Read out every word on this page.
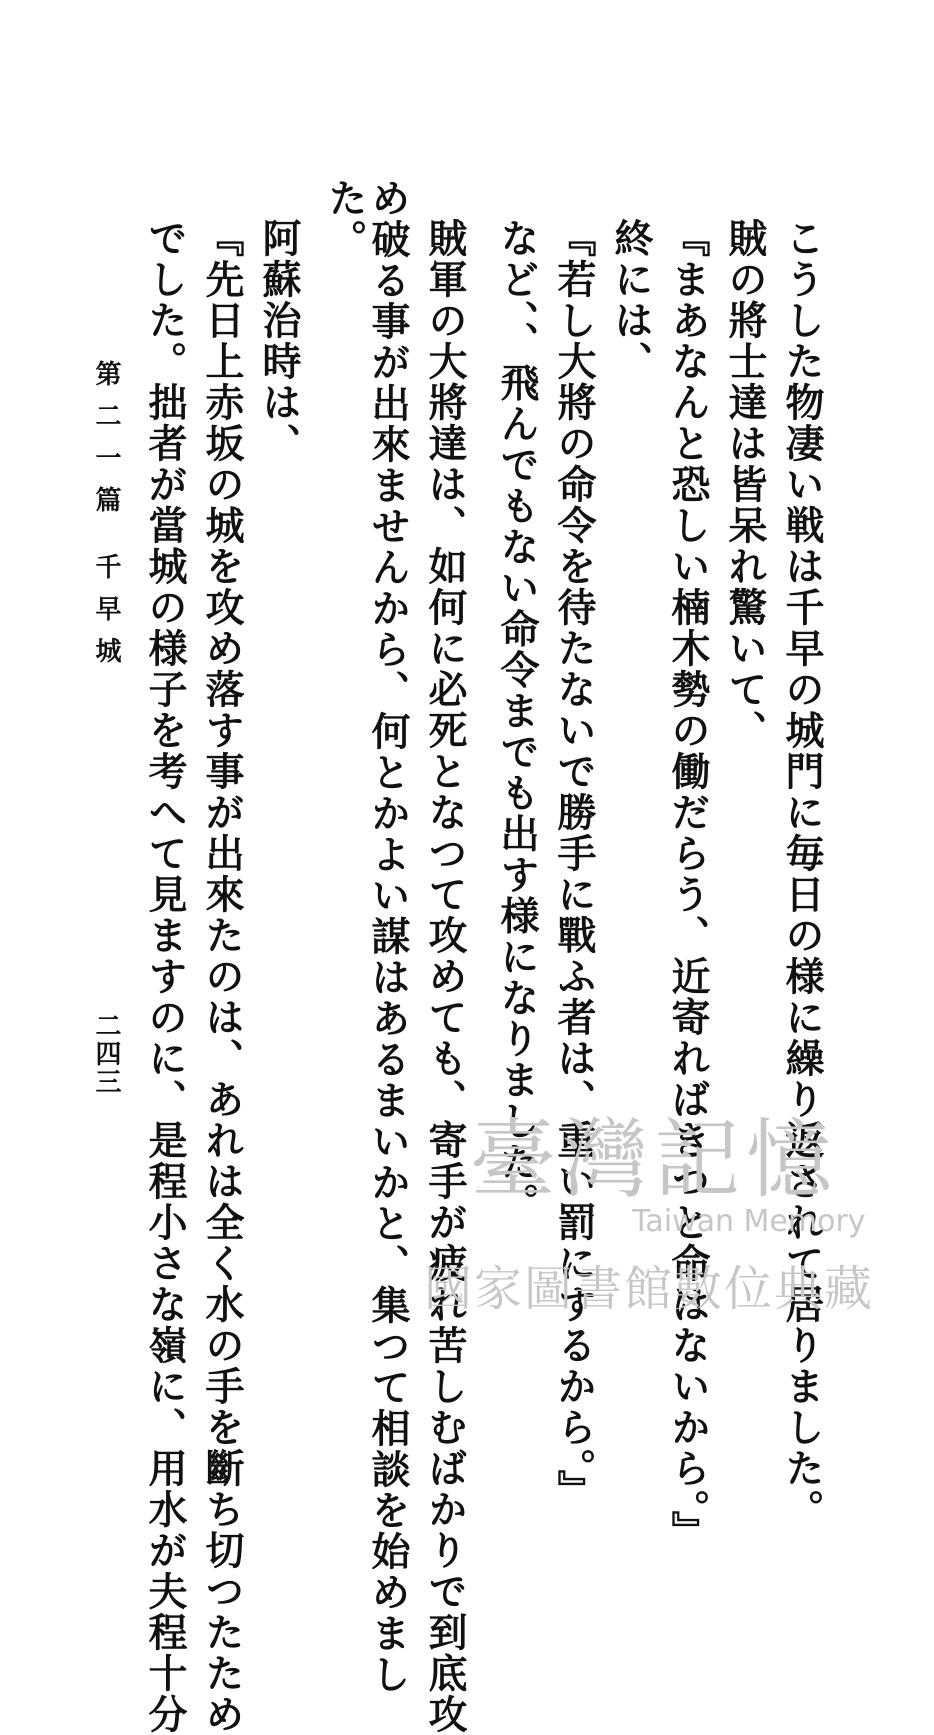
こうした物凄い戦は千早の城門に毎日の様に繰り返されて居りました。
賊の將士達は皆呆れ驚いて、
『まあなんと恐しい楠木勢の働だらう、近寄ればきつと命はないから。』
終には、
『若し大將の命令を待たないで勝手に戰ふ者は、重い罰にするから。』
など、、飛んでもない命令までも出す様になりました。
賊軍の大將達は、如何に必死となつて攻めても、寄手が疲れ苦しむばかりで到底攻
め破る事が出來ませんから、何とかよい謀はあるまいかと、集つて相談を始めまし
た。
阿蘇治時は、
『先日上赤坂の城を攻め落す事が出來たのは、あれは全く水の手を斷ち切つたため
でした。拙者が當城の様子を考へて見ますのに、是程小さな嶺に、用水が夫程十分
第二一篇 千早城
二四三
臺灣記憶
Taiwan Memory
國家圖書館數位典藏
